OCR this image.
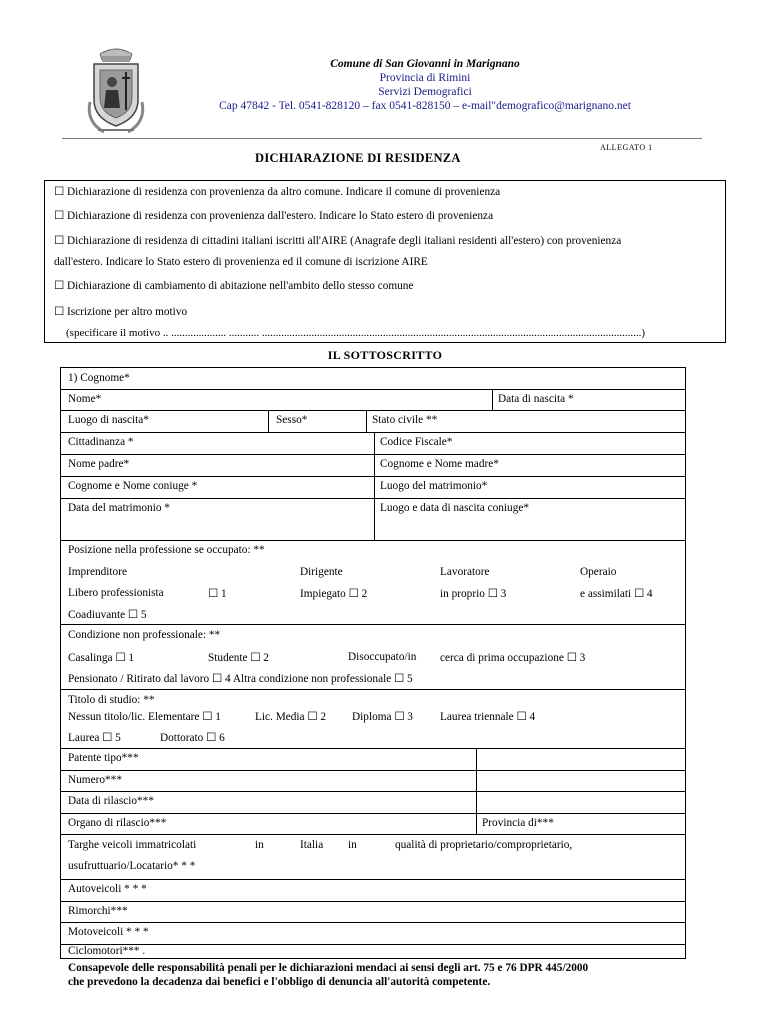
Comune di San Giovanni in Marignano
Provincia di Rimini
Servizi Demografici
Cap 47842 - Tel. 0541-828120 – fax 0541-828150 – e-mail"demografico@marignano.net
ALLEGATO 1
DICHIARAZIONE DI RESIDENZA
☐ Dichiarazione di residenza con provenienza da altro comune. Indicare il comune di provenienza
☐ Dichiarazione di residenza con provenienza dall'estero. Indicare lo Stato estero di provenienza
☐ Dichiarazione di residenza di cittadini italiani iscritti all'AIRE (Anagrafe degli italiani residenti all'estero) con provenienza
dall'estero. Indicare lo Stato estero di provenienza ed il comune di iscrizione AIRE
☐ Dichiarazione di cambiamento di abitazione nell'ambito dello stesso comune
☐ Iscrizione per altro motivo
(specificare il motivo .. .................... ........... ..........................................................................................................................................)
IL SOTTOSCRITTO
1) Cognome*
Nome*	Data di nascita *
Luogo di nascita*	Sesso*	Stato civile **
Cittadinanza *	Codice Fiscale*
Nome padre*	Cognome e Nome madre*
Cognome e Nome coniuge *	Luogo del matrimonio*
Data del matrimonio *	Luogo e data di nascita coniuge*
Posizione nella professione se occupato: **
Imprenditore	Dirigente	Lavoratore	Operaio
Libero professionista	☐ 1	Impiegato ☐ 2	in proprio ☐ 3	e assimilati ☐ 4
Coadiuvante ☐ 5
Condizione non professionale: **
Casalinga ☐ 1	Studente ☐ 2	Disoccupato/in cerca di prima occupazione ☐ 3
Pensionato / Ritirato dal lavoro ☐ 4 Altra condizione non professionale ☐ 5
Titolo di studio: **
Nessun titolo/lic. Elementare ☐ 1	Lic. Media ☐ 2 Diploma ☐ 3 Laurea triennale ☐ 4
Laurea ☐ 5	Dottorato ☐ 6
Patente tipo***
Numero***
Data di rilascio***
Organo di rilascio***	Provincia di***
Targhe veicoli immatricolati	in	Italia in	qualità di proprietario/comproprietario,
usufruttuario/Locatario* * *
Autoveicoli * * *
Rimorchi***
Motoveicoli * * *
Ciclomotori*** .
Consapevole delle responsabilità penali per le dichiarazioni mendaci ai sensi degli art. 75 e 76 DPR 445/2000
che prevedono la decadenza dai benefici e l'obbligo di denuncia all'autorità competente.
